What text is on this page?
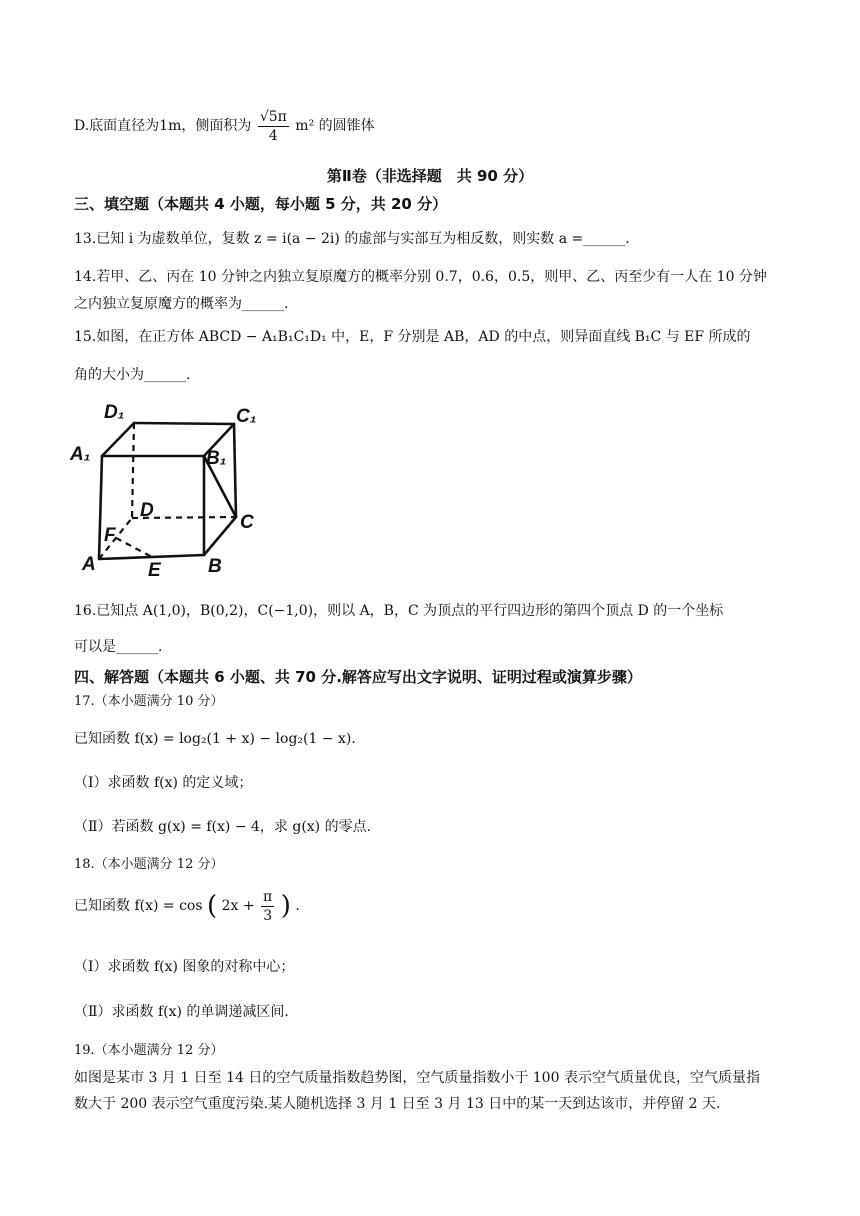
D.底面直径为1m，侧面积为 $\frac{√5\pi}{4} m^2$ 的圆锥体
第Ⅱ卷（非选择题　共 90 分）
三、填空题（本题共 4 小题，每小题 5 分，共 20 分）
13.已知 i 为虚数单位，复数 z = i(a − 2i) 的虚部与实部互为相反数，则实数 a =______.
14.若甲、乙、丙在 10 分钟之内独立复原魔方的概率分别 0.7，0.6，0.5，则甲、乙、丙至少有一人在 10 分钟
之内独立复原魔方的概率为______.
15.如图，在正方体 ABCD − A₁B₁C₁D₁ 中，E，F 分别是 AB，AD 的中点，则异面直线 B₁C 与 EF 所成的
角的大小为______.
D₁	C₁
A₁	B₁
D
C
F
A	E B
16.已知点 A(1,0)，B(0,2)，C(−1,0)，则以 A，B，C 为顶点的平行四边形的第四个顶点 D 的一个坐标
可以是______.
四、解答题（本题共 6 小题、共 70 分.解答应写出文字说明、证明过程或演算步骤）
17.（本小题满分 10 分）
已知函数 f(x) = log₂(1 + x) − log₂(1 − x).
（Ⅰ）求函数 f(x) 的定义域；
（Ⅱ）若函数 g(x) = f(x) − 4，求 g(x) 的零点.
18.（本小题满分 12 分）
已知函数 f(x) = cos ( $2x + \frac{\pi}{3}$ ) .
（Ⅰ）求函数 f(x) 图象的对称中心；
（Ⅱ）求函数 f(x) 的单调递减区间.
19.（本小题满分 12 分）
如图是某市 3 月 1 日至 14 日的空气质量指数趋势图，空气质量指数小于 100 表示空气质量优良，空气质量指
数大于 200 表示空气重度污染.某人随机选择 3 月 1 日至 3 月 13 日中的某一天到达该市，并停留 2 天.
